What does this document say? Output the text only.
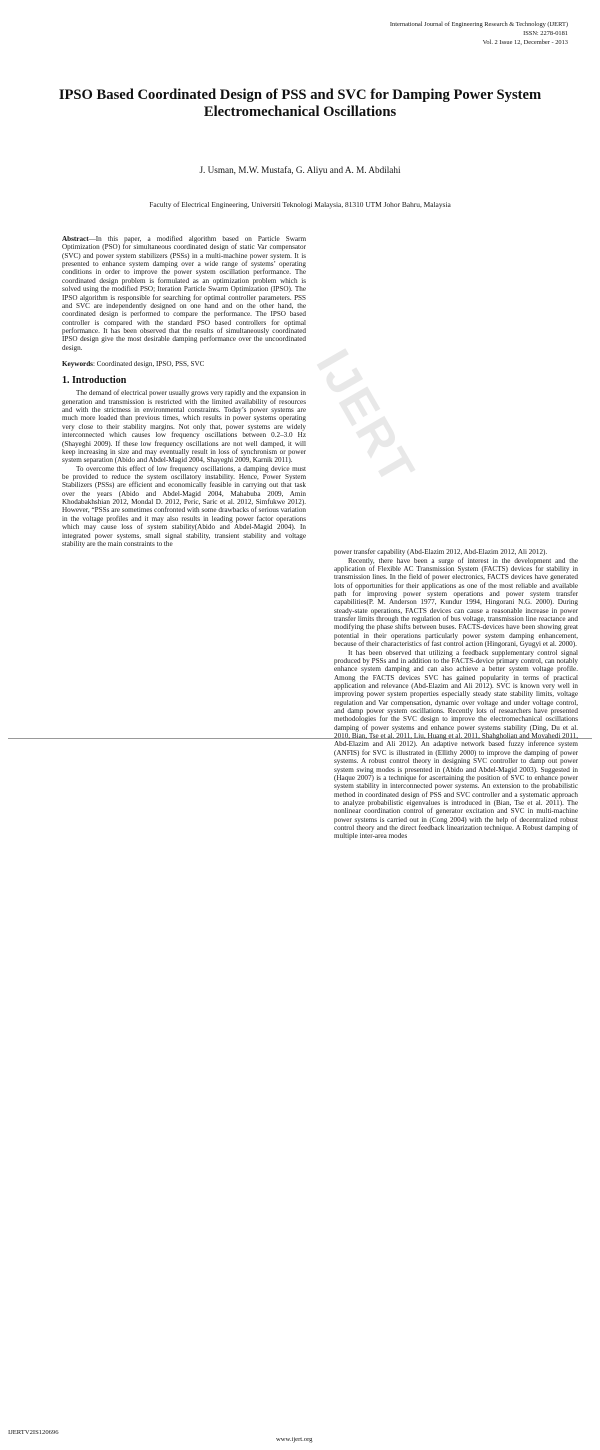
International Journal of Engineering Research & Technology (IJERT)
ISSN: 2278-0181
Vol. 2 Issue 12, December - 2013
IPSO Based Coordinated Design of PSS and SVC for Damping Power System Electromechanical Oscillations
J. Usman, M.W. Mustafa, G. Aliyu and A. M. Abdilahi
Faculty of Electrical Engineering, Universiti Teknologi Malaysia, 81310 UTM Johor Bahru, Malaysia
IJERT

Abstract—In this paper, a modified algorithm based on Particle Swarm Optimization (PSO) for simultaneous coordinated design of static Var compensator (SVC) and power system stabilizers (PSSs) in a multi-machine power system. It is presented to enhance system damping over a wide range of systems’ operating conditions in order to improve the power system oscillation performance. The coordinated design problem is formulated as an optimization problem which is solved using the modified PSO; Iteration Particle Swarm Optimization (IPSO). The IPSO algorithm is responsible for searching for optimal controller parameters. PSS and SVC are independently designed on one hand and on the other hand, the coordinated design is performed to compare the performance. The IPSO based controller is compared with the standard PSO based controllers for optimal performance. It has been observed that the results of simultaneously coordinated IPSO design give the most desirable damping performance over the uncoordinated design.

Keywords: Coordinated design, IPSO, PSS, SVC

1. Introduction

The demand of electrical power usually grows very rapidly and the expansion in generation and transmission is restricted with the limited availability of resources and with the strictness in environmental constraints. Today’s power systems are much more loaded than previous times, which results in power systems operating very close to their stability margins. Not only that, power systems are widely interconnected which causes low frequency oscillations between 0.2–3.0 Hz (Shayeghi 2009). If these low frequency oscillations are not well damped, it will keep increasing in size and may eventually result in loss of synchronism or power system separation (Abido and Abdel-Magid 2004, Shayeghi 2009, Karnik 2011).

To overcome this effect of low frequency oscillations, a damping device must be provided to reduce the system oscillatory instability. Hence, Power System Stabilizers (PSSs) are efficient and economically feasible in carrying out that task over the years (Abido and Abdel-Magid 2004, Mahabuba 2009, Amin Khodabakhshian 2012, Mondal D. 2012, Peric, Saric et al. 2012, Simfukwe 2012). However, “PSSs are sometimes confronted with some drawbacks of serious variation in the voltage profiles and it may also results in leading power factor operations which may cause loss of system stability(Abido and Abdel-Magid 2004). In integrated power systems, small signal stability, transient stability and voltage stability are the main constraints to the

power transfer capability (Abd-Elazim 2012, Abd-Elazim 2012, Ali 2012).

Recently, there have been a surge of interest in the development and the application of Flexible AC Transmission System (FACTS) devices for stability in transmission lines. In the field of power electronics, FACTS devices have generated lots of opportunities for their applications as one of the most reliable and available path for improving power system operations and power system transfer capabilities(P. M. Anderson 1977, Kundur 1994, Hingorani N.G. 2000). During steady-state operations, FACTS devices can cause a reasonable increase in power transfer limits through the regulation of bus voltage, transmission line reactance and modifying the phase shifts between buses. FACTS-devices have been showing great potential in their operations particularly power system damping enhancement, because of their characteristics of fast control action (Hingorani, Gyugyi et al. 2000).

It has been observed that utilizing a feedback supplementary control signal produced by PSSs and in addition to the FACTS-device primary control, can notably enhance system damping and can also achieve a better system voltage profile. Among the FACTS devices SVC has gained popularity in terms of practical application and relevance (Abd-Elazim and Ali 2012). SVC is known very well in improving power system properties especially steady state stability limits, voltage regulation and Var compensation, dynamic over voltage and under voltage control, and damp power system oscillations. Recently lots of researchers have presented methodologies for the SVC design to improve the electromechanical oscillations damping of power systems and enhance power systems stability (Ding, Du et al. 2010, Bian, Tse et al. 2011, Liu, Huang et al. 2011, Shahgholian and Movahedi 2011, Abd-Elazim and Ali 2012). An adaptive network based fuzzy inference system (ANFIS) for SVC is illustrated in (Ellithy 2000) to improve the damping of power systems. A robust control theory in designing SVC controller to damp out power system swing modes is presented in (Abido and Abdel-Magid 2003). Suggested in (Haque 2007) is a technique for ascertaining the position of SVC to enhance power system stability in interconnected power systems. An extension to the probabilistic method in coordinated design of PSS and SVC controller and a systematic approach to analyze probabilistic eigenvalues is introduced in (Bian, Tse et al. 2011). The nonlinear coordination control of generator excitation and SVC in multi-machine power systems is carried out in (Cong 2004) with the help of decentralized robust control theory and the direct feedback linearization technique. A Robust damping of multiple inter-area modes

IJERTV2IS120696
www.ijert.org
